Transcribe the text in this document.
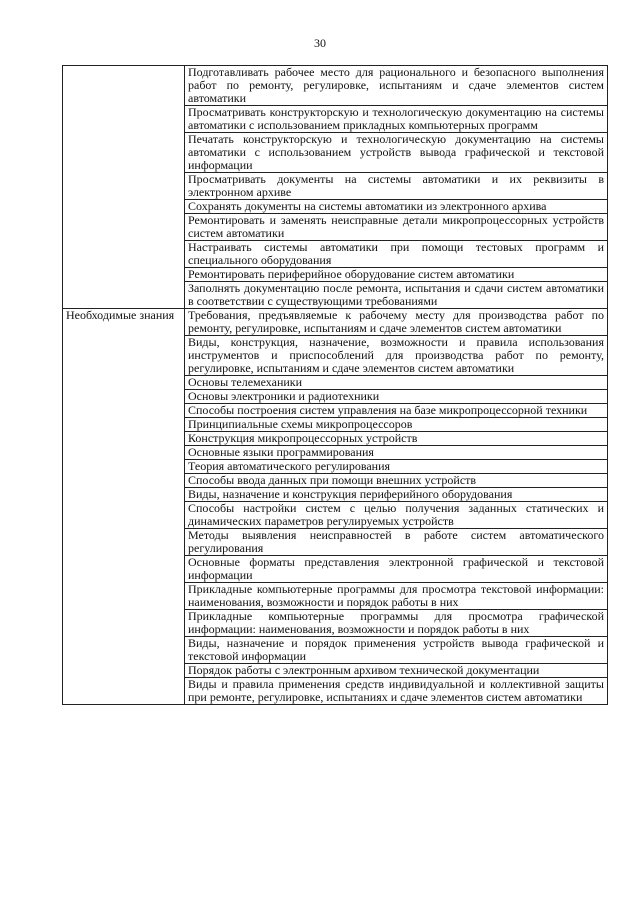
30
	Подготавливать рабочее место для рационального и безопасного выполнения работ по ремонту, регулировке, испытаниям и сдаче элементов систем автоматики
	Просматривать конструкторскую и технологическую документацию на системы автоматики с использованием прикладных компьютерных программ
	Печатать конструкторскую и технологическую документацию на системы автоматики с использованием устройств вывода графической и текстовой информации
	Просматривать документы на системы автоматики и их реквизиты в электронном архиве
	Сохранять документы на системы автоматики из электронного архива
	Ремонтировать и заменять неисправные детали микропроцессорных устройств систем автоматики
	Настраивать системы автоматики при помощи тестовых программ и специального оборудования
	Ремонтировать периферийное оборудование систем автоматики
	Заполнять документацию после ремонта, испытания и сдачи систем автоматики в соответствии с существующими требованиями
Необходимые знания	Требования, предъявляемые к рабочему месту для производства работ по ремонту, регулировке, испытаниям и сдаче элементов систем автоматики
	Виды, конструкция, назначение, возможности и правила использования инструментов и приспособлений для производства работ по ремонту, регулировке, испытаниям и сдаче элементов систем автоматики
	Основы телемеханики
	Основы электроники и радиотехники
	Способы построения систем управления на базе микропроцессорной техники
	Принципиальные схемы микропроцессоров
	Конструкция микропроцессорных устройств
	Основные языки программирования
	Теория автоматического регулирования
	Способы ввода данных при помощи внешних устройств
	Виды, назначение и конструкция периферийного оборудования
	Способы настройки систем с целью получения заданных статических и динамических параметров регулируемых устройств
	Методы выявления неисправностей в работе систем автоматического регулирования
	Основные форматы представления электронной графической и текстовой информации
	Прикладные компьютерные программы для просмотра текстовой информации: наименования, возможности и порядок работы в них
	Прикладные компьютерные программы для просмотра графической информации: наименования, возможности и порядок работы в них
	Виды, назначение и порядок применения устройств вывода графической и текстовой информации
	Порядок работы с электронным архивом технической документации
	Виды и правила применения средств индивидуальной и коллективной защиты при ремонте, регулировке, испытаниях и сдаче элементов систем автоматики
